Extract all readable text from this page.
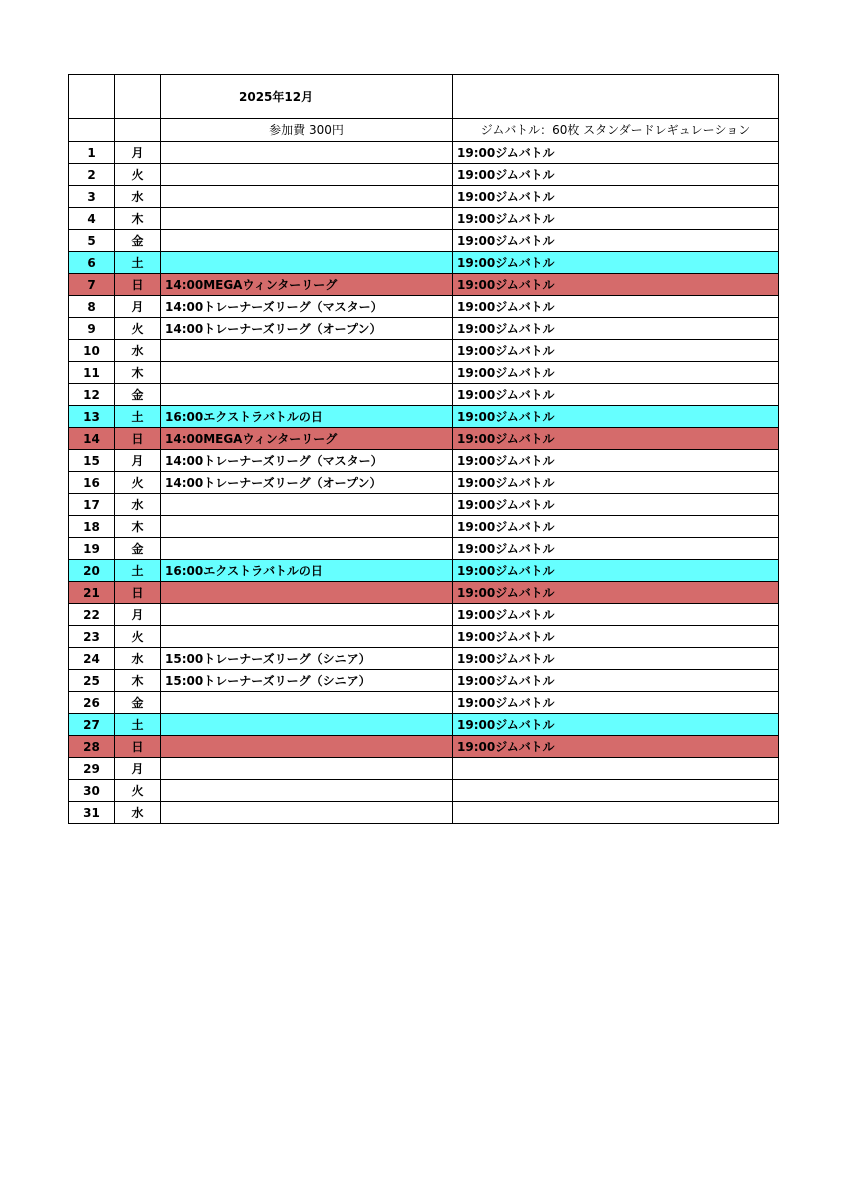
		2025年12月	
		参加費 300円	ジムバトル：60枚 スタンダードレギュレーション
1	月		19:00ジムバトル
2	火		19:00ジムバトル
3	水		19:00ジムバトル
4	木		19:00ジムバトル
5	金		19:00ジムバトル
6	土		19:00ジムバトル
7	日	14:00MEGAウィンターリーグ	19:00ジムバトル
8	月	14:00トレーナーズリーグ（マスター）	19:00ジムバトル
9	火	14:00トレーナーズリーグ（オープン）	19:00ジムバトル
10	水		19:00ジムバトル
11	木		19:00ジムバトル
12	金		19:00ジムバトル
13	土	16:00エクストラバトルの日	19:00ジムバトル
14	日	14:00MEGAウィンターリーグ	19:00ジムバトル
15	月	14:00トレーナーズリーグ（マスター）	19:00ジムバトル
16	火	14:00トレーナーズリーグ（オープン）	19:00ジムバトル
17	水		19:00ジムバトル
18	木		19:00ジムバトル
19	金		19:00ジムバトル
20	土	16:00エクストラバトルの日	19:00ジムバトル
21	日		19:00ジムバトル
22	月		19:00ジムバトル
23	火		19:00ジムバトル
24	水	15:00トレーナーズリーグ（シニア）	19:00ジムバトル
25	木	15:00トレーナーズリーグ（シニア）	19:00ジムバトル
26	金		19:00ジムバトル
27	土		19:00ジムバトル
28	日		19:00ジムバトル
29	月		
30	火		
31	水		
